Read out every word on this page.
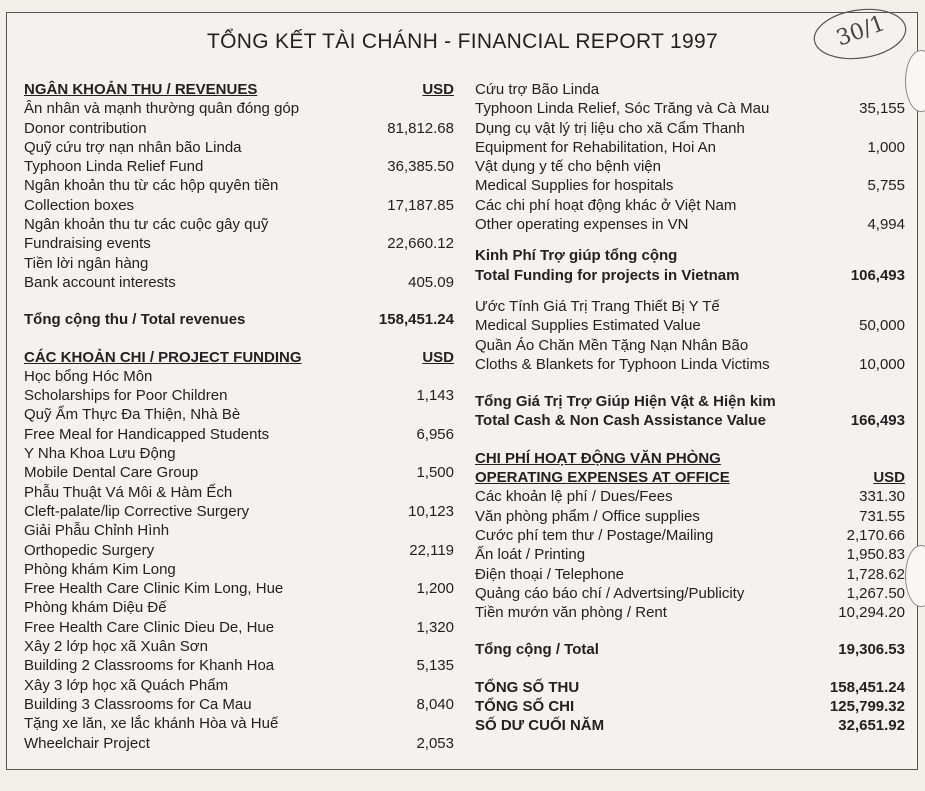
TỔNG KẾT TÀI CHÁNH - FINANCIAL REPORT 1997	30/1
NGÂN KHOẢN THU / REVENUES	USD
Ân nhân và mạnh thường quân đóng góp
Donor contribution	81,812.68
Quỹ cứu trợ nạn nhân bão Linda
Typhoon Linda Relief Fund	36,385.50
Ngân khoản thu từ các hộp quyên tiền
Collection boxes	17,187.85
Ngân khoản thu tư các cuộc gây quỹ
Fundraising events	22,660.12
Tiền lời ngân hàng
Bank account interests	405.09
Tổng cộng thu / Total revenues	158,451.24
CÁC KHOẢN CHI / PROJECT FUNDING	USD
Học bổng Hóc Môn
Scholarships for Poor Children	1,143
Quỹ Ẩm Thực Đa Thiện, Nhà Bè
Free Meal for Handicapped Students	6,956
Y Nha Khoa Lưu Động
Mobile Dental Care Group	1,500
Phẫu Thuật Vá Môi & Hàm Ếch
Cleft-palate/lip Corrective Surgery	10,123
Giải Phẫu Chỉnh Hình
Orthopedic Surgery	22,119
Phòng khám Kim Long
Free Health Care Clinic Kim Long, Hue	1,200
Phòng khám Diệu Đế
Free Health Care Clinic Dieu De, Hue	1,320
Xây 2 lớp học xã Xuân Sơn
Building 2 Classrooms for Khanh Hoa	5,135
Xây 3 lớp học xã Quách Phẩm
Building 3 Classrooms for Ca Mau	8,040
Tặng xe lăn, xe lắc khánh Hòa và Huế
Wheelchair Project	2,053
Cứu trợ Bão Linda
Typhoon Linda Relief, Sóc Trăng và Cà Mau	35,155
Dụng cụ vật lý trị liệu cho xã Cẩm Thanh
Equipment for Rehabilitation, Hoi An	1,000
Vật dụng y tế cho bệnh viện
Medical Supplies for hospitals	5,755
Các chi phí hoạt động khác ở Việt Nam
Other operating expenses in VN	4,994
Kinh Phí Trợ giúp tổng cộng
Total Funding for projects in Vietnam	106,493
Ước Tính Giá Trị Trang Thiết Bị Y Tế
Medical Supplies Estimated Value	50,000
Quần Áo Chăn Mền Tặng Nạn Nhân Bão
Cloths & Blankets for Typhoon Linda Victims	10,000
Tổng Giá Trị Trợ Giúp Hiện Vật & Hiện kim
Total Cash & Non Cash Assistance Value	166,493
CHI PHÍ HOẠT ĐỘNG VĂN PHÒNG
OPERATING EXPENSES AT OFFICE	USD
Các khoản lệ phí / Dues/Fees	331.30
Văn phòng phẩm / Office supplies	731.55
Cước phí tem thư / Postage/Mailing	2,170.66
Ấn loát / Printing	1,950.83
Điện thoại / Telephone	1,728.62
Quảng cáo báo chí / Advertsing/Publicity	1,267.50
Tiền mướn văn phòng / Rent	10,294.20
Tổng cộng / Total	19,306.53
TỔNG SỐ THU	158,451.24
TỔNG SỐ CHI	125,799.32
SỐ DƯ CUỐI NĂM	32,651.92
